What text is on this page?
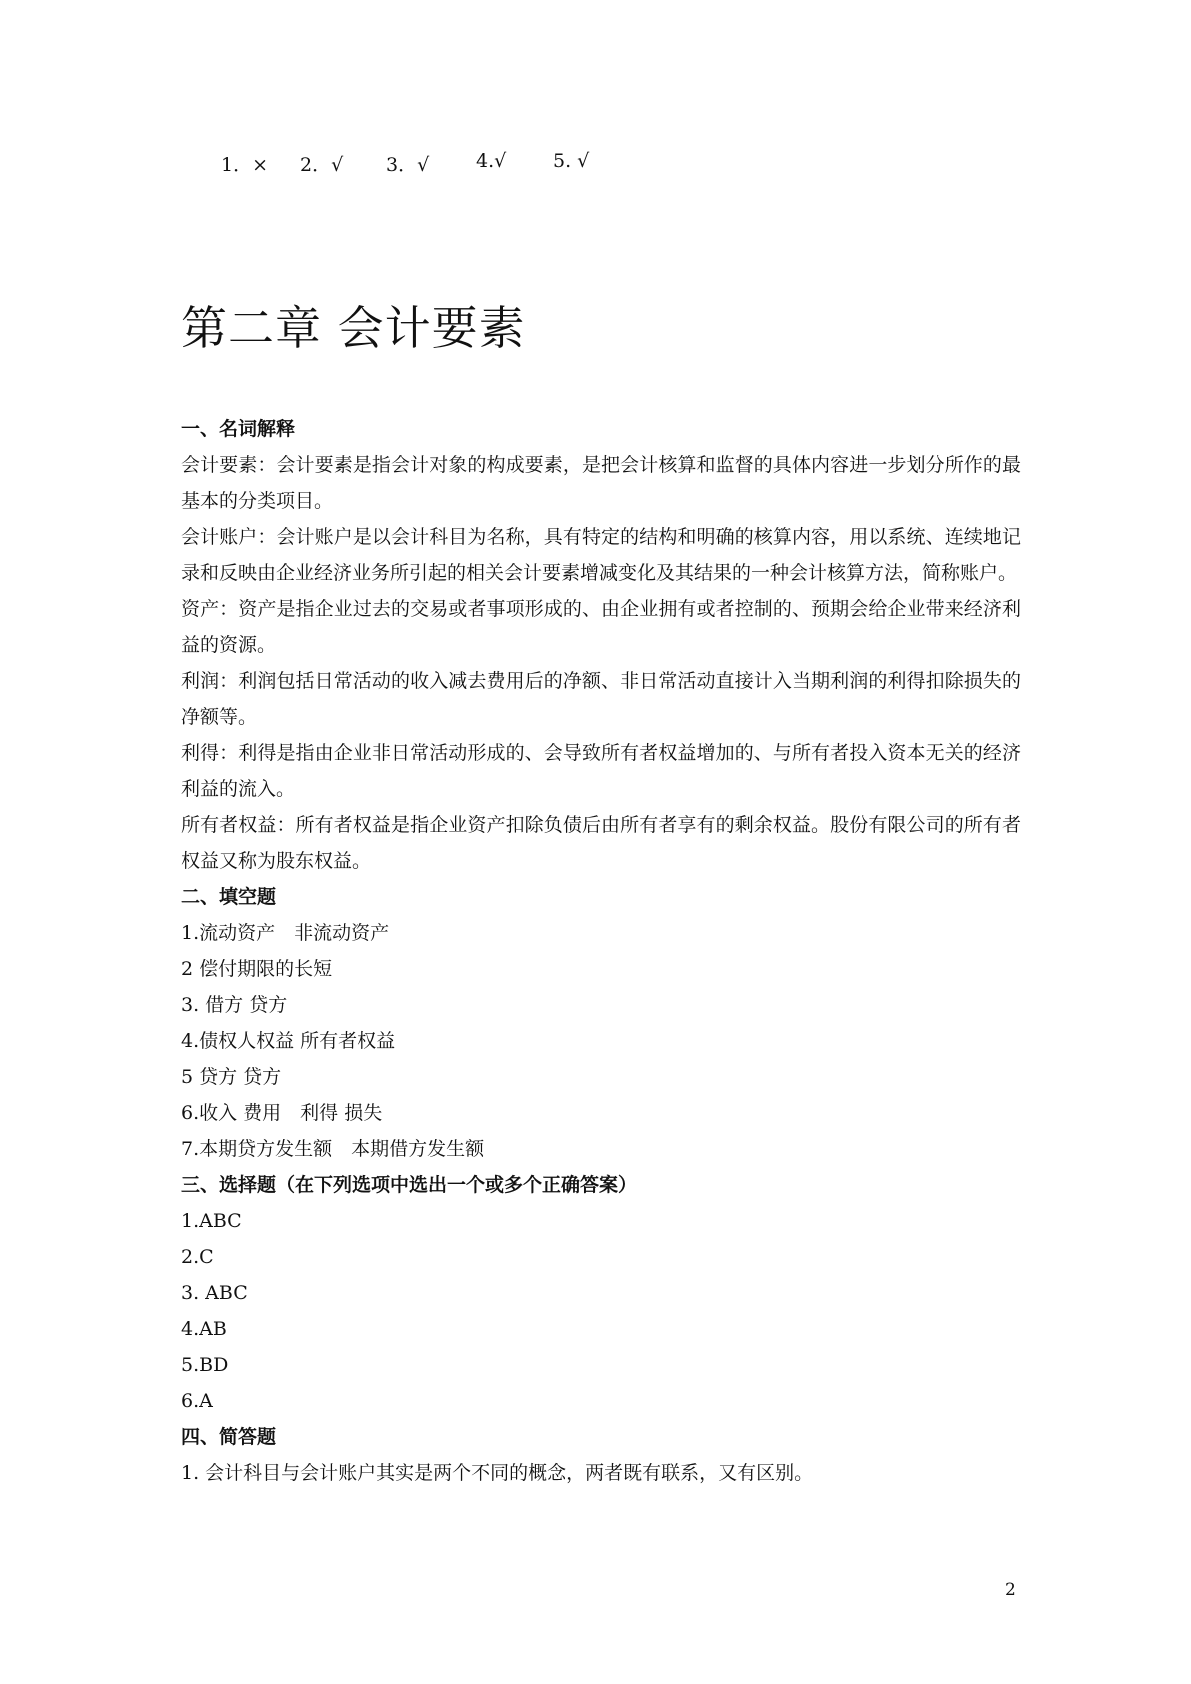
1．× 2．√ 3．√ 4.√ 5. √
第二章 会计要素

一、名词解释

会计要素：会计要素是指会计对象的构成要素，是把会计核算和监督的具体内容进一步划分所作的最基本的分类项目。

会计账户：会计账户是以会计科目为名称，具有特定的结构和明确的核算内容，用以系统、连续地记录和反映由企业经济业务所引起的相关会计要素增减变化及其结果的一种会计核算方法，简称账户。

资产：资产是指企业过去的交易或者事项形成的、由企业拥有或者控制的、预期会给企业带来经济利益的资源。

利润：利润包括日常活动的收入减去费用后的净额、非日常活动直接计入当期利润的利得扣除损失的净额等。

利得：利得是指由企业非日常活动形成的、会导致所有者权益增加的、与所有者投入资本无关的经济利益的流入。

所有者权益：所有者权益是指企业资产扣除负债后由所有者享有的剩余权益。股份有限公司的所有者权益又称为股东权益。

二、填空题

1.流动资产　非流动资产

2 偿付期限的长短

3. 借方 贷方

4.债权人权益 所有者权益

5 贷方 贷方

6.收入 费用　利得 损失

7.本期贷方发生额　本期借方发生额

三、选择题（在下列选项中选出一个或多个正确答案）

1.ABC

2.C

3. ABC

4.AB

5.BD

6.A

四、简答题

1. 会计科目与会计账户其实是两个不同的概念，两者既有联系，又有区别。

2
